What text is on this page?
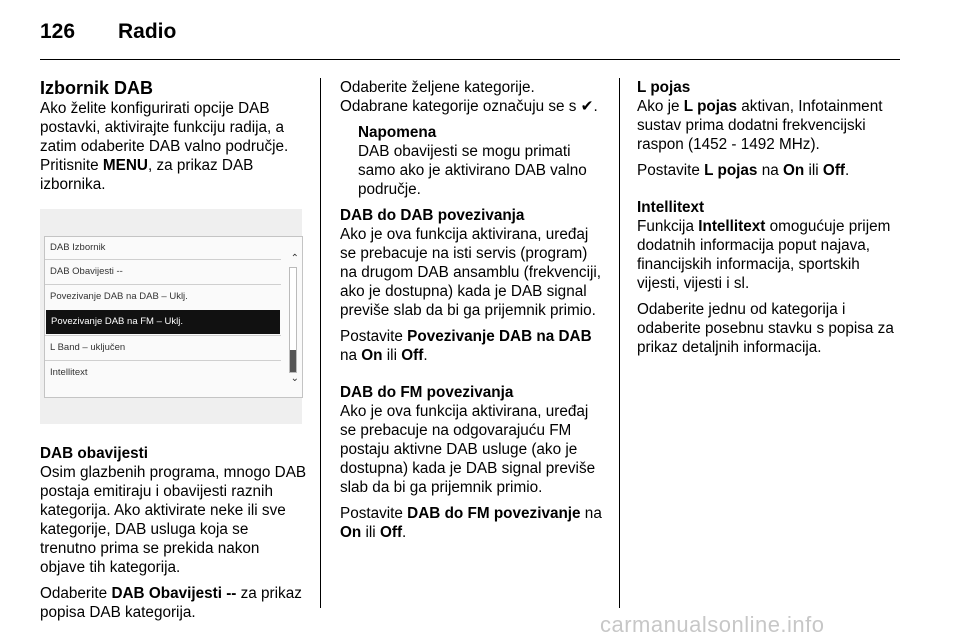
126 Radio
Izbornik DAB

Ako želite konfigurirati opcije DAB postavki, aktivirajte funkciju radija, a zatim odaberite DAB valno područje. Pritisnite MENU, za prikaz DAB izbornika.

DAB Izbornik
DAB Obavijesti --
Povezivanje DAB na DAB – Uklj.
Povezivanje DAB na FM – Uklj.
L Band – uključen
Intellitext
⌃
⌄
DAB obavijesti

Osim glazbenih programa, mnogo DAB postaja emitiraju i obavijesti raznih kategorija. Ako aktivirate neke ili sve kategorije, DAB usluga koja se trenutno prima se prekida nakon objave tih kategorija.

Odaberite DAB Obavijesti -- za prikaz popisa DAB kategorija.

Odaberite željene kategorije. Odabrane kategorije označuju se s ✔.

Napomena

DAB obavijesti se mogu primati samo ako je aktivirano DAB valno područje.

DAB do DAB povezivanja

Ako je ova funkcija aktivirana, uređaj se prebacuje na isti servis (program) na drugom DAB ansamblu (frekvenciji, ako je dostupna) kada je DAB signal previše slab da bi ga prijemnik primio.

Postavite Povezivanje DAB na DAB na On ili Off.

DAB do FM povezivanja

Ako je ova funkcija aktivirana, uređaj se prebacuje na odgovarajuću FM postaju aktivne DAB usluge (ako je dostupna) kada je DAB signal previše slab da bi ga prijemnik primio.

Postavite DAB do FM povezivanje na On ili Off.

L pojas

Ako je L pojas aktivan, Infotainment sustav prima dodatni frekvencijski raspon (1452 - 1492 MHz).

Postavite L pojas na On ili Off.

Intellitext

Funkcija Intellitext omogućuje prijem dodatnih informacija poput najava, financijskih informacija, sportskih vijesti, vijesti i sl.

Odaberite jednu od kategorija i odaberite posebnu stavku s popisa za prikaz detaljnih informacija.

carmanualsonline.info
